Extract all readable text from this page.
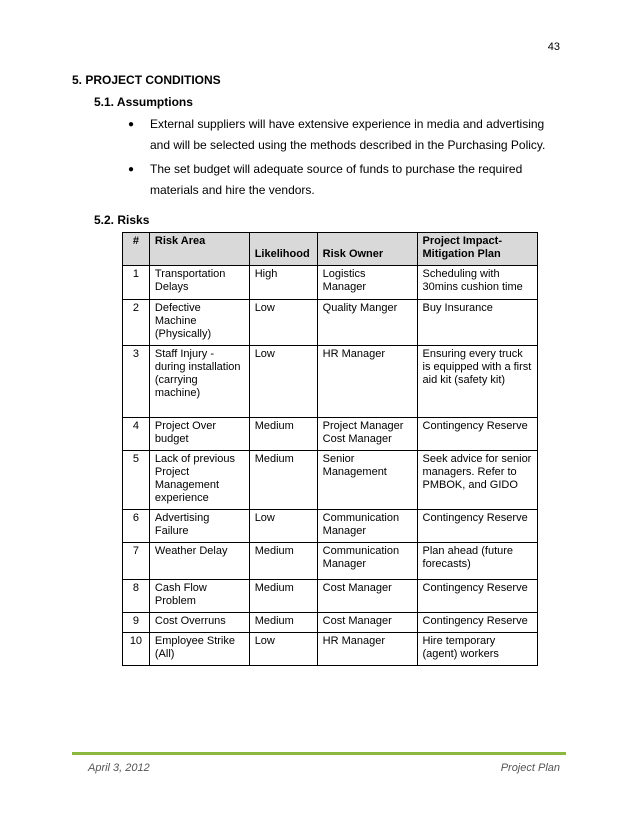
43
5. PROJECT CONDITIONS
5.1. Assumptions
● External suppliers will have extensive experience in media and advertising and will be selected using the methods described in the Purchasing Policy.
● The set budget will adequate source of funds to purchase the required materials and hire the vendors.
5.2. Risks
#	Risk Area	Likelihood	Risk Owner	Project Impact- Mitigation Plan
1	Transportation Delays	High	Logistics Manager	Scheduling with 30mins cushion time
2	Defective Machine (Physically)	Low	Quality Manger	Buy Insurance
3	Staff Injury - during installation (carrying machine)	Low	HR Manager	Ensuring every truck is equipped with a first aid kit (safety kit)
4	Project Over budget	Medium	Project Manager Cost Manager	Contingency Reserve
5	Lack of previous Project Management experience	Medium	Senior Management	Seek advice for senior managers. Refer to PMBOK, and GIDO
6	Advertising Failure	Low	Communication Manager	Contingency Reserve
7	Weather Delay	Medium	Communication Manager	Plan ahead (future forecasts)
8	Cash Flow Problem	Medium	Cost Manager	Contingency Reserve
9	Cost Overruns	Medium	Cost Manager	Contingency Reserve
10	Employee Strike (All)	Low	HR Manager	Hire temporary (agent) workers
April 3, 2012	Project Plan
